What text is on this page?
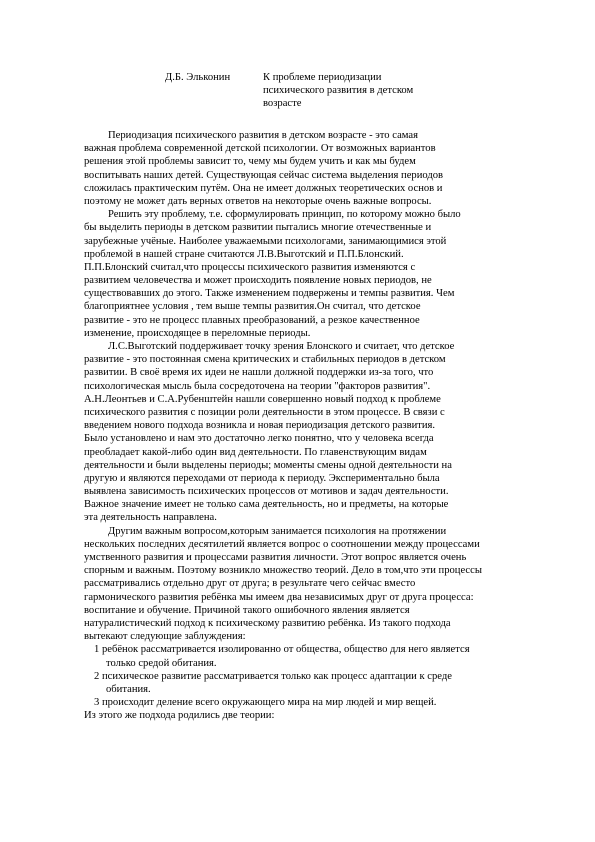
Д.Б. Эльконин	К проблеме периодизации
психического развития в детском
возрасте
Периодизация психического развития в детском возрасте - это самая
важная проблема современной детской психологии. От возможных вариантов
решения этой проблемы зависит то, чему мы будем учить и как мы будем
воспитывать наших детей. Существующая сейчас система выделения периодов
сложилась практическим путём. Она не имеет должных теоретических основ и
поэтому не может дать верных ответов на некоторые очень важные вопросы.
Решить эту проблему, т.е. сформулировать принцип, по которому можно было
бы выделить периоды в детском развитии пытались многие отечественные и
зарубежные учёные. Наиболее уважаемыми психологами, занимающимися этой
проблемой в нашей стране считаются Л.В.Выготский и П.П.Блонский.
П.П.Блонский считал,что процессы психического развития изменяются с
развитием человечества и может происходить появление новых периодов, не
существовавших до этого. Также изменением подвержены и темпы развития. Чем
благоприятнее условия , тем выше темпы развития.Он считал, что детское
развитие - это не процесс плавных преобразований, а резкое качественное
изменение, происходящее в переломные периоды.
Л.С.Выготский поддерживает точку зрения Блонского и считает, что детское
развитие - это постоянная смена критических и стабильных периодов в детском
развитии. В своё время их идеи не нашли должной поддержки из-за того, что
психологическая мысль была сосредоточена на теории "факторов развития".
А.Н.Леонтьев и С.А.Рубенштейн нашли совершенно новый подход к проблеме
психического развития с позиции роли деятельности в этом процессе. В связи с
введением нового подхода возникла и новая периодизация детского развития.
Было установлено и нам это достаточно легко понятно, что у человека всегда
преобладает какой-либо один вид деятельности. По главенствующим видам
деятельности и были выделены периоды; моменты смены одной деятельности на
другую и являются переходами от периода к периоду. Экспериментально была
выявлена зависимость психических процессов от мотивов и задач деятельности.
Важное значение имеет не только сама деятельность, но и предметы, на которые
эта деятельность направлена.
Другим важным вопросом,которым занимается психология на протяжении
нескольких последних десятилетий является вопрос о соотношении между процессами
умственного развития и процессами развития личности. Этот вопрос является очень
спорным и важным. Поэтому возникло множество теорий. Дело в том,что эти процессы
рассматривались отдельно друг от друга; в результате чего сейчас вместо
гармонического развития ребёнка мы имеем два независимых друг от друга процесса:
воспитание и обучение. Причиной такого ошибочного явления является
натуралистический подход к психическому развитию ребёнка. Из такого подхода
вытекают следующие заблуждения:
1 ребёнок рассматривается изолированно от общества, общество для него является
только средой обитания.
2 психическое развитие рассматривается только как процесс адаптации к среде
обитания.
3 происходит деление всего окружающего мира на мир людей и мир вещей.
Из этого же подхода родились две теории:
